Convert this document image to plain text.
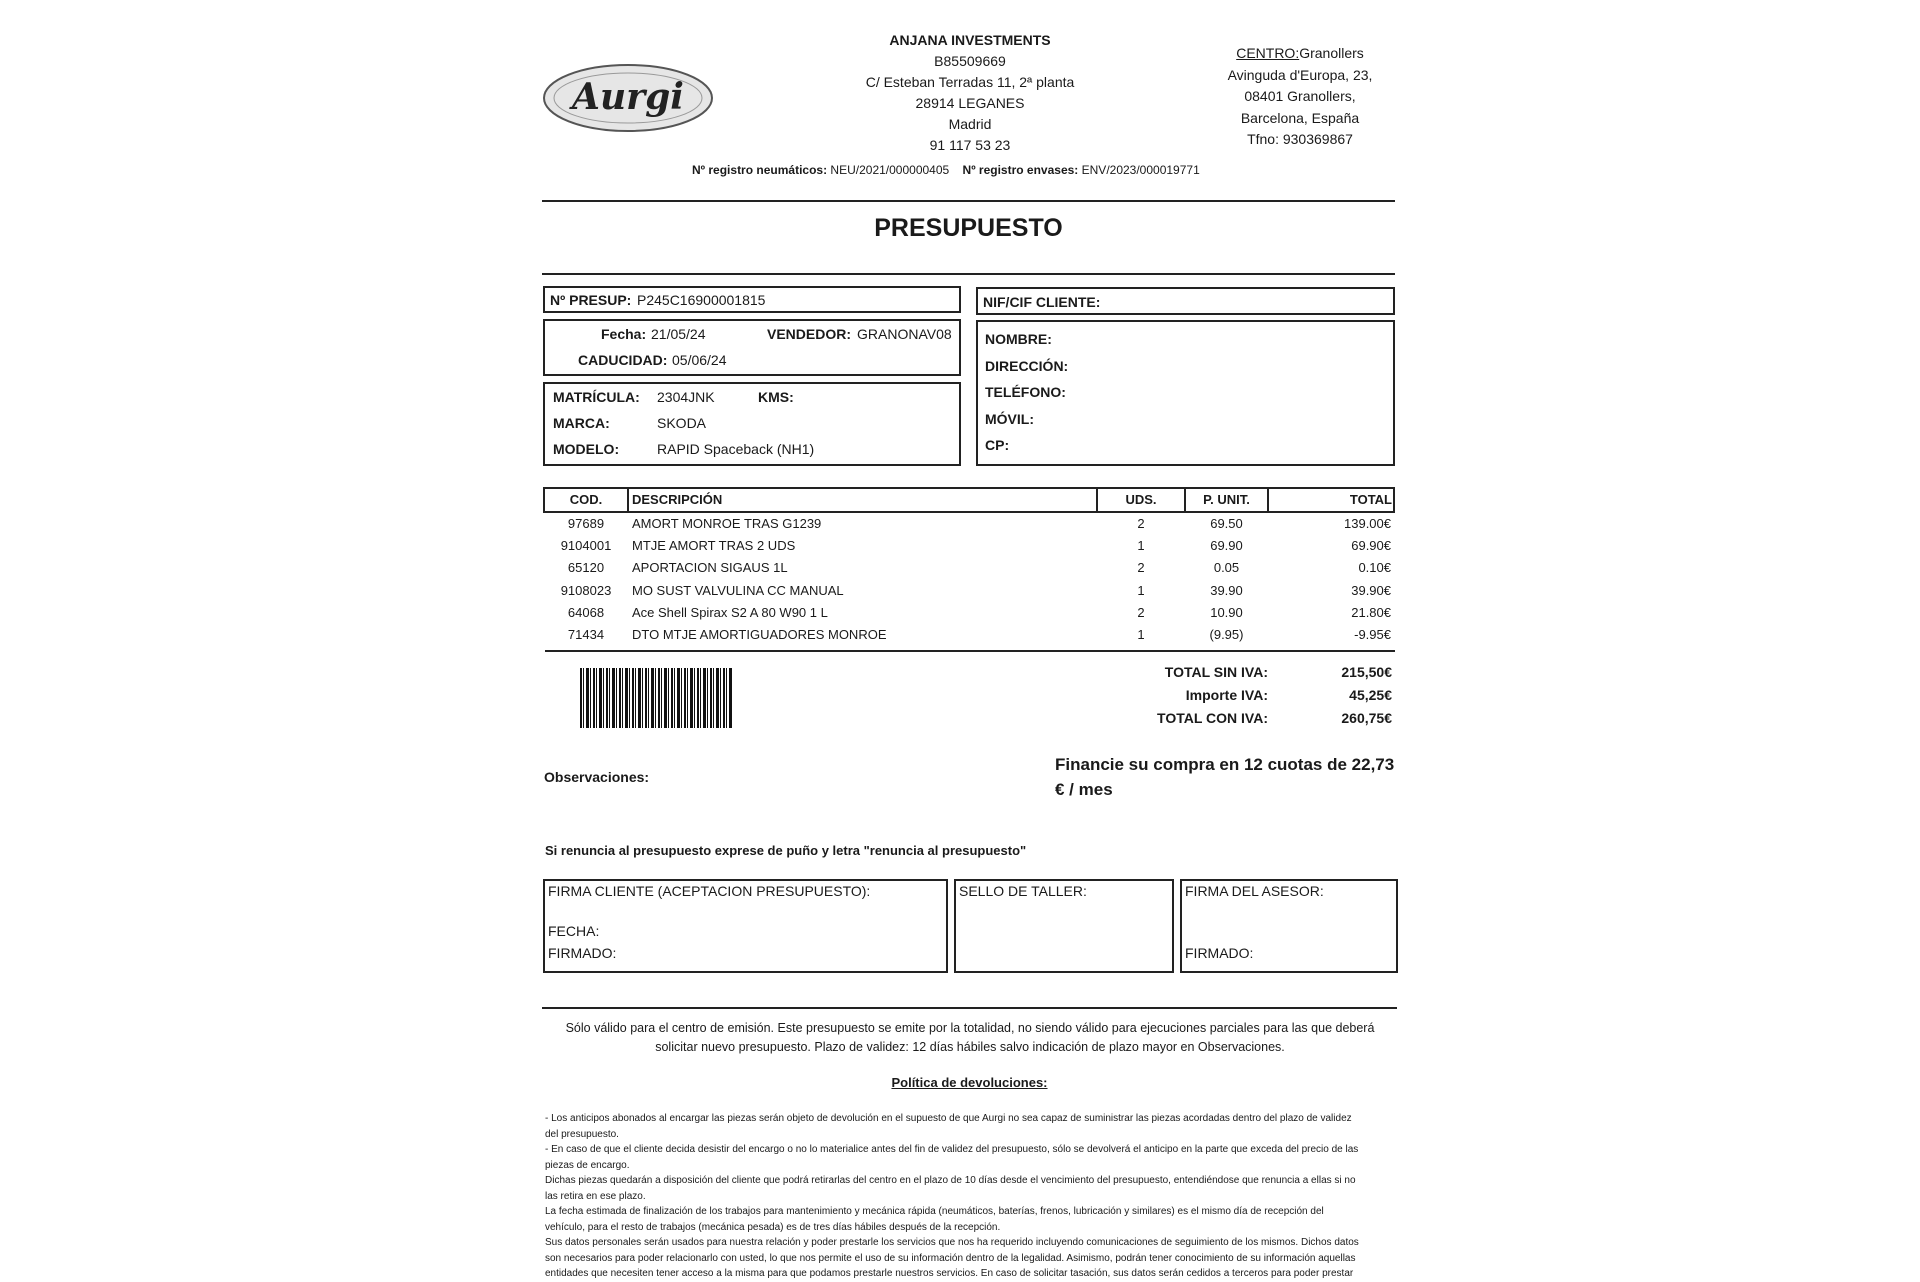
Aurgi
ANJANA INVESTMENTS
B85509669
C/ Esteban Terradas 11, 2ª planta
28914 LEGANES
Madrid
91 117 53 23
CENTRO:Granollers
Avinguda d'Europa, 23,
08401 Granollers,
Barcelona, España
Tfno: 930369867
Nº registro neumáticos: NEU/2021/000000405 Nº registro envases: ENV/2023/000019771
PRESUPUESTO
Nº PRESUP: P245C16900001815
Fecha: 21/05/24	VENDEDOR: GRANONAV08
CADUCIDAD: 05/06/24
MATRÍCULA: 2304JNK	KMS:
MARCA:	SKODA
MODELO:	RAPID Spaceback (NH1)
NIF/CIF CLIENTE:
NOMBRE:
DIRECCIÓN:
TELÉFONO:
MÓVIL:
CP:
COD.	DESCRIPCIÓN	UDS.	P. UNIT.	TOTAL
97689	AMORT MONROE TRAS G1239	2	69.50	139.00€
9104001	MTJE AMORT TRAS 2 UDS	1	69.90	69.90€
65120	APORTACION SIGAUS 1L	2	0.05	0.10€
9108023	MO SUST VALVULINA CC MANUAL	1	39.90	39.90€
64068	Ace Shell Spirax S2 A 80 W90 1 L	2	10.90	21.80€
71434	DTO MTJE AMORTIGUADORES MONROE	1	(9.95)	-9.95€
TOTAL SIN IVA:	215,50€
Importe IVA:	45,25€
TOTAL CON IVA:	260,75€
Observaciones:
Financie su compra en 12 cuotas de 22,73
€ / mes
Si renuncia al presupuesto exprese de puño y letra "renuncia al presupuesto"
FIRMA CLIENTE (ACEPTACION PRESUPUESTO):
FECHA:
FIRMADO:
SELLO DE TALLER:	FIRMA DEL ASESOR:
FIRMADO:
Sólo válido para el centro de emisión. Este presupuesto se emite por la totalidad, no siendo válido para ejecuciones parciales para las que deberá
solicitar nuevo presupuesto. Plazo de validez: 12 días hábiles salvo indicación de plazo mayor en Observaciones.
Política de devoluciones:
- Los anticipos abonados al encargar las piezas serán objeto de devolución en el supuesto de que Aurgi no sea capaz de suministrar las piezas acordadas dentro del plazo de validez
del presupuesto.
- En caso de que el cliente decida desistir del encargo o no lo materialice antes del fin de validez del presupuesto, sólo se devolverá el anticipo en la parte que exceda del precio de las
piezas de encargo.
Dichas piezas quedarán a disposición del cliente que podrá retirarlas del centro en el plazo de 10 días desde el vencimiento del presupuesto, entendiéndose que renuncia a ellas si no
las retira en ese plazo.
La fecha estimada de finalización de los trabajos para mantenimiento y mecánica rápida (neumáticos, baterías, frenos, lubricación y similares) es el mismo día de recepción del
vehículo, para el resto de trabajos (mecánica pesada) es de tres días hábiles después de la recepción.
Sus datos personales serán usados para nuestra relación y poder prestarle los servicios que nos ha requerido incluyendo comunicaciones de seguimiento de los mismos. Dichos datos
son necesarios para poder relacionarlo con usted, lo que nos permite el uso de su información dentro de la legalidad. Asimismo, podrán tener conocimiento de su información aquellas
entidades que necesiten tener acceso a la misma para que podamos prestarle nuestros servicios. En caso de solicitar tasación, sus datos serán cedidos a terceros para poder prestar
